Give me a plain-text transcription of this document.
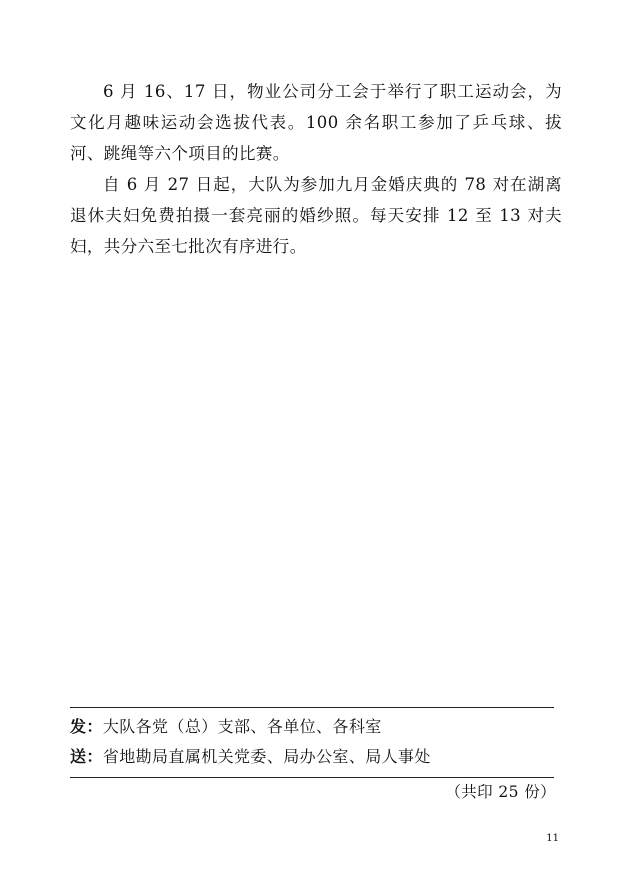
6 月 16、17 日，物业公司分工会于举行了职工运动会，为文化月趣味运动会选拔代表。100 余名职工参加了乒乓球、拔河、跳绳等六个项目的比赛。

自 6 月 27 日起，大队为参加九月金婚庆典的 78 对在湖离退休夫妇免费拍摄一套亮丽的婚纱照。每天安排 12 至 13 对夫妇，共分六至七批次有序进行。

发：大队各党（总）支部、各单位、各科室
送：省地勘局直属机关党委、局办公室、局人事处
（共印 25 份）
11
